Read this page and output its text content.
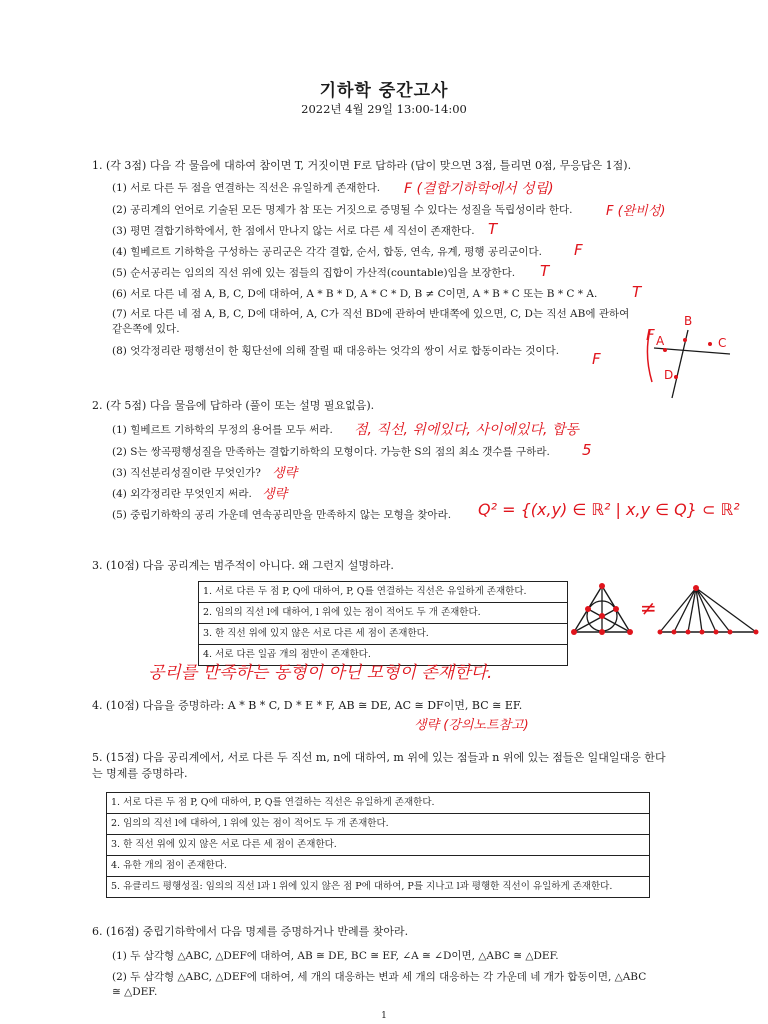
기하학 중간고사
2022년 4월 29일 13:00-14:00
1. (각 3점) 다음 각 물음에 대하여 참이면 T, 거짓이면 F로 답하라 (답이 맞으면 3점, 틀리면 0점, 무응답은 1점).
(1) 서로 다른 두 점을 연결하는 직선은 유일하게 존재한다.
(2) 공리계의 언어로 기술된 모든 명제가 참 또는 거짓으로 증명될 수 있다는 성질을 독립성이라 한다.
(3) 평면 결합기하학에서, 한 점에서 만나지 않는 서로 다른 세 직선이 존재한다.
(4) 힐베르트 기하학을 구성하는 공리군은 각각 결합, 순서, 합동, 연속, 유계, 평행 공리군이다.
(5) 순서공리는 임의의 직선 위에 있는 점들의 집합이 가산적(countable)임을 보장한다.
(6) 서로 다른 네 점 A, B, C, D에 대하여, A * B * D, A * C * D, B ≠ C이면, A * B * C 또는 B * C * A.
(7) 서로 다른 네 점 A, B, C, D에 대하여, A, C가 직선 BD에 관하여 반대쪽에 있으면, C, D는 직선 AB에 관하여 같은쪽에 있다.
(8) 엇각정리란 평행선이 한 횡단선에 의해 잘릴 때 대응하는 엇각의 쌍이 서로 합동이라는 것이다.
F (결합기하학에서 성립)
F (완비성)
T
F
T
T
F
F
B
A	C
D
2. (각 5점) 다음 물음에 답하라 (풀이 또는 설명 필요없음).
(1) 힐베르트 기하학의 무정의 용어를 모두 써라.
(2) S는 쌍곡평행성질을 만족하는 결합기하학의 모형이다. 가능한 S의 점의 최소 갯수를 구하라.
(3) 직선분리성질이란 무엇인가?
(4) 외각정리란 무엇인지 써라.
(5) 중립기하학의 공리 가운데 연속공리만을 만족하지 않는 모형을 찾아라.
점, 직선, 위에있다, 사이에있다, 합동
5
생략
생략
Q² = {(x,y) ∈ ℝ² | x,y ∈ Q} ⊂ ℝ²
3. (10점) 다음 공리계는 범주적이 아니다. 왜 그런지 설명하라.
1. 서로 다른 두 점 P, Q에 대하여, P, Q를 연결하는 직선은 유일하게 존재한다.
2. 임의의 직선 l에 대하여, l 위에 있는 점이 적어도 두 개 존재한다.
3. 한 직선 위에 있지 않은 서로 다른 세 점이 존재한다.
4. 서로 다른 일곱 개의 점만이 존재한다.
≠
공리를 만족하는 동형이 아닌 모형이 존재한다.
4. (10점) 다음을 증명하라: A * B * C, D * E * F, AB ≅ DE, AC ≅ DF이면, BC ≅ EF.
생략 (강의노트참고)
5. (15점) 다음 공리계에서, 서로 다른 두 직선 m, n에 대하여, m 위에 있는 점들과 n 위에 있는 점들은 일대일대응 한다는 명제를 증명하라.
1. 서로 다른 두 점 P, Q에 대하여, P, Q를 연결하는 직선은 유일하게 존재한다.
2. 임의의 직선 l에 대하여, l 위에 있는 점이 적어도 두 개 존재한다.
3. 한 직선 위에 있지 않은 서로 다른 세 점이 존재한다.
4. 유한 개의 점이 존재한다.
5. 유클리드 평행성질: 임의의 직선 l과 l 위에 있지 않은 점 P에 대하여, P를 지나고 l과 평행한 직선이 유일하게 존재한다.
6. (16점) 중립기하학에서 다음 명제를 증명하거나 반례를 찾아라.
(1) 두 삼각형 △ABC, △DEF에 대하여, AB ≅ DE, BC ≅ EF, ∠A ≅ ∠D이면, △ABC ≅ △DEF.
(2) 두 삼각형 △ABC, △DEF에 대하여, 세 개의 대응하는 변과 세 개의 대응하는 각 가운데 네 개가 합동이면, △ABC ≅ △DEF.
1
